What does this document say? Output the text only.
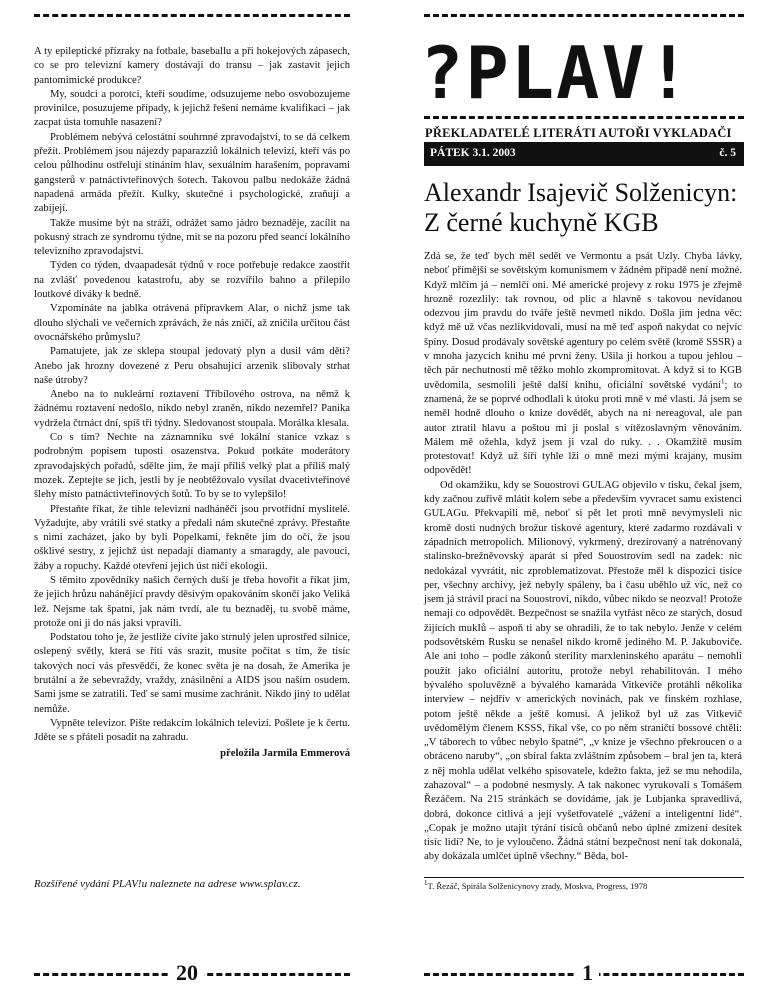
A ty epileptické přízraky na fotbale, baseballu a při hokejových zápasech, co se pro televizní kamery dostávají do transu – jak zastavit jejich pantomimické produkce?

My, soudci a porotci, kteří soudíme, odsuzujeme nebo osvobozujeme provinilce, posuzujeme případy, k jejichž řešení nemáme kvalifikaci – jak zacpat ústa tomuhle nasazení?

Problémem nebývá celostátní souhrnné zpravodajství, to se dá celkem přežít. Problémem jsou nájezdy paparazziů lokálních televizí, kteří vás po celou půlhodinu ostřelují stínáním hlav, sexuálním harašením, popravami gangsterů v patnáctivteřinových šotech. Takovou palbu nedokáže žádná napadená armáda přežít. Kulky, skutečné i psychologické, zraňují a zabíjejí.

Takže musíme být na stráži, odrážet samo jádro beznaděje, zacílit na pokusný strach ze syndromu týdne, mít se na pozoru před seancí lokálního televizního zpravodajství.

Týden co týden, dvaapadesát týdnů v roce potřebuje redakce zaostřit na zvlášť povedenou katastrofu, aby se rozvířilo bahno a přilepilo loutkové diváky k bedně.

Vzpomínáte na jablka otrávená přípravkem Alar, o nichž jsme tak dlouho slýchali ve večerních zprávách, že nás zničí, až zničila určitou část ovocnářského průmyslu?

Pamatujete, jak ze sklepa stoupal jedovatý plyn a dusil vám děti? Anebo jak hrozny dovezené z Peru obsahující arzenik slibovaly strhat naše útroby?

Anebo na to nukleární roztavení Tříbílového ostrova, na němž k žádnému roztavení nedošlo, nikdo nebyl zraněn, nikdo nezemřel? Panika vydržela čtrnáct dní, spíš tři týdny. Sledovanost stoupala. Morálka klesala.

Co s tím? Nechte na záznamníku své lokální stanice vzkaz s podrobným popisem tuposti osazenstva. Pokud potkáte moderátory zpravodajských pořadů, sdělte jim, že mají příliš velký plat a příliš malý mozek. Zeptejte se jich, jestli by je neobtěžovalo vysílat dvacetivteřinové šlehy místo patnáctivteřinových šotů. To by se to vylepšilo!

Přestaňte říkat, že tihle televizní nadháněči jsou prvotřídní myslitelé. Vyžadujte, aby vrátili své statky a předali nám skutečné zprávy. Přestaňte s nimi zacházet, jako by byli Popelkami, řekněte jim do očí, že jsou ošklivé sestry, z jejichž úst nepadají diamanty a smaragdy, ale pavouci, žáby a ropuchy. Každé otevření jejich úst ničí ekologii.

S těmito zpovědníky našich černých duší je třeba hovořit a říkat jim, že jejich hrůzu nahánějící pravdy děsivým opakováním skončí jako Veliká lež. Nejsme tak špatní, jak nám tvrdí, ale tu beznaděj, tu svobě máme, protože oni ji do nás jaksi vpravili.

Podstatou toho je, že jestliže cívíte jako strnulý jelen uprostřed silnice, oslepený světly, která se řítí vás srazit, musíte počítat s tím, že tisíc takových nocí vás přesvědčí, že konec světa je na dosah, že Amerika je brutální a že sebevraždy, vraždy, znásilnění a AIDS jsou naším osudem. Sami jsme se zatratili. Teď se sami musíme zachránit. Nikdo jiný to udělat nemůže.

Vypněte televizor. Pište redakcím lokálních televizí. Pošlete je k čertu. Jděte se s přáteli posadit na zahradu.

přeložila Jarmila Emmerová

Rozšířené vydání PLAV!u naleznete na adrese www.splav.cz.
20
?PLAV!
PŘEKLADATELÉ LITERÁTI AUTOŘI VYKLADAČI
PÁTEK 3.1. 2003	č. 5
Alexandr Isajevič Solženicyn:
Z černé kuchyně KGB

Zdá se, že teď bych měl sedět ve Vermontu a psát Uzly. Chyba lávky, neboť přímější se sovětským komunismem v žádném případě není možné. Když mlčím já – nemlčí oni. Mé americké projevy z roku 1975 je zřejmě hrozně rozezlily: tak rovnou, od plic a hlavně s takovou nevídanou odezvou jim pravdu do tváře ještě nevmetl nikdo. Došla jim jedna věc: když mě už včas nezlikvidovali, musí na mě teď aspoň nakydat co nejvíc špíny. Dosud prodávaly sovětské agentury po celém světě (kromě SSSR) a v mnoha jazycích knihu mé první ženy. Ušila ji horkou a tupou jehlou – těch pár nechutností mě těžko mohlo zkompromitovat. A když si to KGB uvědomila, sesmolili ještě další knihu, oficiální sovětské vydání$^1$; to znamená, že se poprvé odhodlali k útoku proti mně v mé vlasti. Já jsem se neměl hodně dlouho o knize dovědět, abych na ni nereagoval, ale pan autor ztratil hlavu a poštou mi ji poslal s vítězoslavným věnováním. Málem mě ožehla, když jsem ji vzal do ruky. . . Okamžitě musím protestovat! Když už šíří tyhle lži o mně mezi mými krajany, musím odpovědět!

Od okamžiku, kdy se Souostroví GULAG objevilo v tisku, čekal jsem, kdy začnou zuřivě mlátit kolem sebe a především vyvracet samu existenci GULAGu. Překvapili mě, neboť si pět let proti mně nevymysleli nic kromě dosti nudných brožur tiskové agentury, které zadarmo rozdávali v západních metropolích. Milionový, vykrmený, drezírovaný a natrénovaný stalinsko-brežněvovský aparát si před Souostrovím sedl na zadek: nic nedokázal vyvrátit, nic zproblematizovat. Přestože měl k dispozici tisíce per, všechny archivy, jež nebyly spáleny, ba i času uběhlo už víc, než co jsem já strávil prací na Souostroví, nikdo, vůbec nikdo se neozval! Protože nemají co odpovědět. Bezpečnost se snažila vytřást něco ze starých, dosud žijících mukIů – aspoň ti aby se ohradili, že to tak nebylo. Jenže v celém podsovětském Rusku se nenašel nikdo kromě jediného M. P. Jakuboviče. Ale ani toho – podle zákonů sterility marxleninského aparátu – nemohli použít jako oficiální autoritu, protože nebyl rehabilitován. I mého bývalého spoluvězně a bývalého kamaráda Vitkeviče protáhli několika interview – nejdřív v amerických novinách, pak ve finském rozhlase, potom ještě někde a ještě komusi. A jelikož byl už zas Vitkevič uvědomělým členem KSSS, říkal vše, co po něm straničtí bossové chtěli: „V táborech to vůbec nebylo špatné“, „v knize je všechno překroucen o a obráceno naruby“, „on sbíral fakta zvláštním způsobem – bral jen ta, která z něj mohla udělat velkého spisovatele, kdežto fakta, jež se mu nehodila, zahazoval“ – a podobné nesmysly. A tak nakonec vyrukovali s Tomášem Řezáčem. Na 215 stránkách se dovídáme, jak je Lubjanka spravedlivá, dobrá, dokonce citlivá a její vyšetřovatelé „vážení a inteligentní lidé“. „Copak je možno utajit týrání tisíců občanů nebo úplné zmizení desítek tisíc lidí? Ne, to je vyloučeno. Žádná státní bezpečnost není tak dokonalá, aby dokázala umlčet úplně všechny.“ Běda, bol-

$^1$T. Řezáč, Spirála Solženicynovy zrady, Moskva, Progress, 1978
1
